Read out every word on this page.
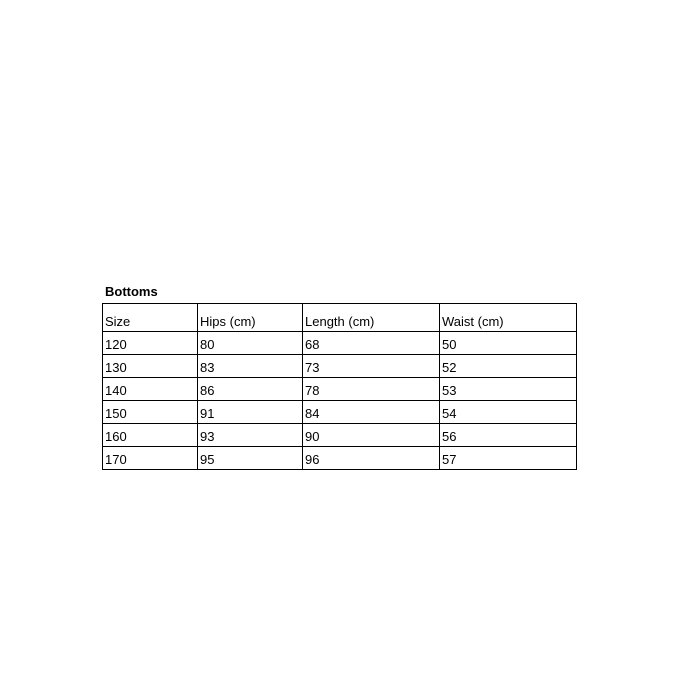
Bottoms
Size	Hips (cm)	Length (cm)	Waist (cm)
120	80	68	50
130	83	73	52
140	86	78	53
150	91	84	54
160	93	90	56
170	95	96	57
